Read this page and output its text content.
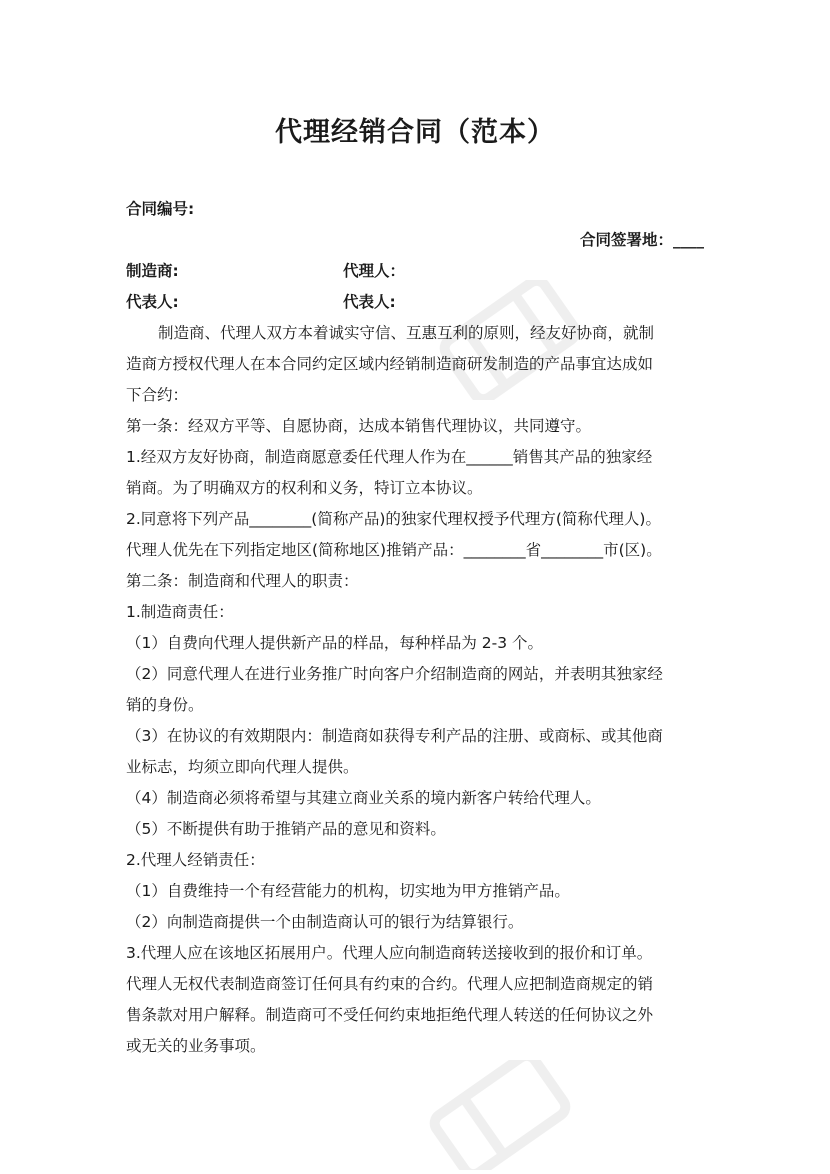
代理经销合同（范本）
合同编号:
合同签署地：____
制造商:	代理人：
代表人:	代表人:
制造商、代理人双方本着诚实守信、互惠互利的原则，经友好协商，就制
造商方授权代理人在本合同约定区域内经销制造商研发制造的产品事宜达成如
下合约：
第一条：经双方平等、自愿协商，达成本销售代理协议，共同遵守。
1.经双方友好协商，制造商愿意委任代理人作为在______销售其产品的独家经
销商。为了明确双方的权利和义务，特订立本协议。
2.同意将下列产品________(简称产品)的独家代理权授予代理方(简称代理人)。
代理人优先在下列指定地区(简称地区)推销产品：________省________市(区)。
第二条：制造商和代理人的职责：
1.制造商责任：
（1）自费向代理人提供新产品的样品，每种样品为 2-3 个。
（2）同意代理人在进行业务推广时向客户介绍制造商的网站，并表明其独家经
销的身份。
（3）在协议的有效期限内：制造商如获得专利产品的注册、或商标、或其他商
业标志，均须立即向代理人提供。
（4）制造商必须将希望与其建立商业关系的境内新客户转给代理人。
（5）不断提供有助于推销产品的意见和资料。
2.代理人经销责任：
（1）自费维持一个有经营能力的机构，切实地为甲方推销产品。
（2）向制造商提供一个由制造商认可的银行为结算银行。
3.代理人应在该地区拓展用户。代理人应向制造商转送接收到的报价和订单。
代理人无权代表制造商签订任何具有约束的合约。代理人应把制造商规定的销
售条款对用户解释。制造商可不受任何约束地拒绝代理人转送的任何协议之外
或无关的业务事项。
